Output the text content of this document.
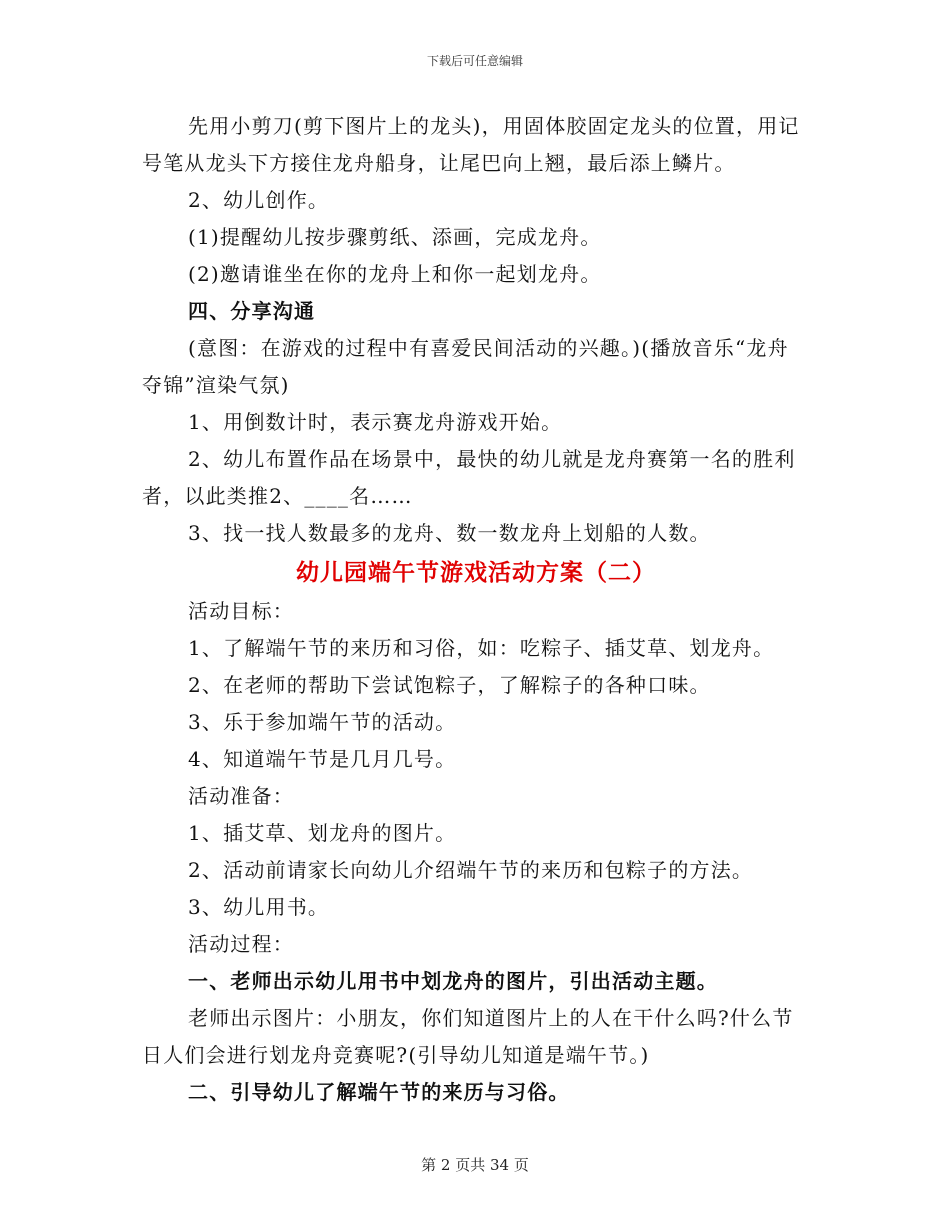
下载后可任意编辑

先用小剪刀(剪下图片上的龙头)，用固体胶固定龙头的位置，用记号笔从龙头下方接住龙舟船身，让尾巴向上翘，最后添上鳞片。

2、幼儿创作。

(1)提醒幼儿按步骤剪纸、添画，完成龙舟。

(2)邀请谁坐在你的龙舟上和你一起划龙舟。

四、分享沟通

(意图：在游戏的过程中有喜爱民间活动的兴趣。)(播放音乐“龙舟夺锦”渲染气氛)

1、用倒数计时，表示赛龙舟游戏开始。

2、幼儿布置作品在场景中，最快的幼儿就是龙舟赛第一名的胜利者，以此类推2、____名……

3、找一找人数最多的龙舟、数一数龙舟上划船的人数。

幼儿园端午节游戏活动方案（二）

活动目标：

1、了解端午节的来历和习俗，如：吃粽子、插艾草、划龙舟。

2、在老师的帮助下尝试饱粽子，了解粽子的各种口味。

3、乐于参加端午节的活动。

4、知道端午节是几月几号。

活动准备：

1、插艾草、划龙舟的图片。

2、活动前请家长向幼儿介绍端午节的来历和包粽子的方法。

3、幼儿用书。

活动过程：

一、老师出示幼儿用书中划龙舟的图片，引出活动主题。

老师出示图片：小朋友，你们知道图片上的人在干什么吗?什么节日人们会进行划龙舟竞赛呢?(引导幼儿知道是端午节。)

二、引导幼儿了解端午节的来历与习俗。

第 2 页共 34 页
